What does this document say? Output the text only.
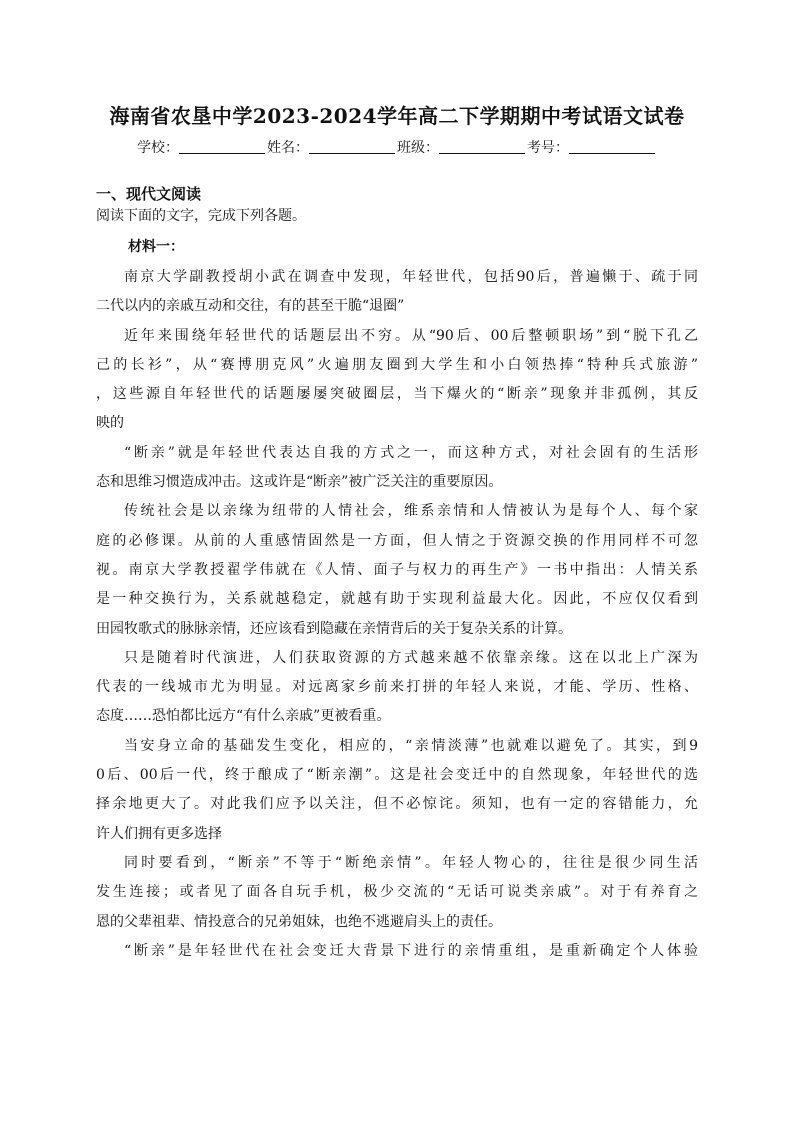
海南省农垦中学2023-2024学年高二下学期期中考试语文试卷
学校：	姓名：	班级：	考号：
一、现代文阅读
阅读下面的文字，完成下列各题。
材料一：
南京大学副教授胡小武在调查中发现，年轻世代，包括90后，普遍懒于、疏于同
二代以内的亲戚互动和交往，有的甚至干脆“退圈”
近年来围绕年轻世代的话题层出不穷。从“90后、00后整顿职场”到“脱下孔乙
己的长衫”，从“赛博朋克风”火遍朋友圈到大学生和小白领热捧“特种兵式旅游”
，这些源自年轻世代的话题屡屡突破圈层，当下爆火的“断亲”现象并非孤例，其反
映的
“断亲”就是年轻世代表达自我的方式之一，而这种方式，对社会固有的生活形
态和思维习惯造成冲击。这或许是“断亲”被广泛关注的重要原因。
传统社会是以亲缘为纽带的人情社会，维系亲情和人情被认为是每个人、每个家
庭的必修课。从前的人重感情固然是一方面，但人情之于资源交换的作用同样不可忽
视。南京大学教授翟学伟就在《人情、面子与权力的再生产》一书中指出：人情关系
是一种交换行为，关系就越稳定，就越有助于实现利益最大化。因此，不应仅仅看到
田园牧歌式的脉脉亲情，还应该看到隐藏在亲情背后的关于复杂关系的计算。
只是随着时代演进，人们获取资源的方式越来越不依靠亲缘。这在以北上广深为
代表的一线城市尤为明显。对远离家乡前来打拼的年轻人来说，才能、学历、性格、
态度……恐怕都比远方“有什么亲戚”更被看重。
当安身立命的基础发生变化，相应的，“亲情淡薄”也就难以避免了。其实，到9
0后、00后一代，终于酿成了“断亲潮”。这是社会变迁中的自然现象，年轻世代的选
择余地更大了。对此我们应予以关注，但不必惊诧。须知，也有一定的容错能力，允
许人们拥有更多选择
同时要看到，“断亲”不等于“断绝亲情”。年轻人物心的，往往是很少同生活
发生连接；或者见了面各自玩手机，极少交流的“无话可说类亲戚”。对于有养育之
恩的父辈祖辈、情投意合的兄弟姐妹，也绝不逃避肩头上的责任。
“断亲”是年轻世代在社会变迁大背景下进行的亲情重组，是重新确定个人体验
